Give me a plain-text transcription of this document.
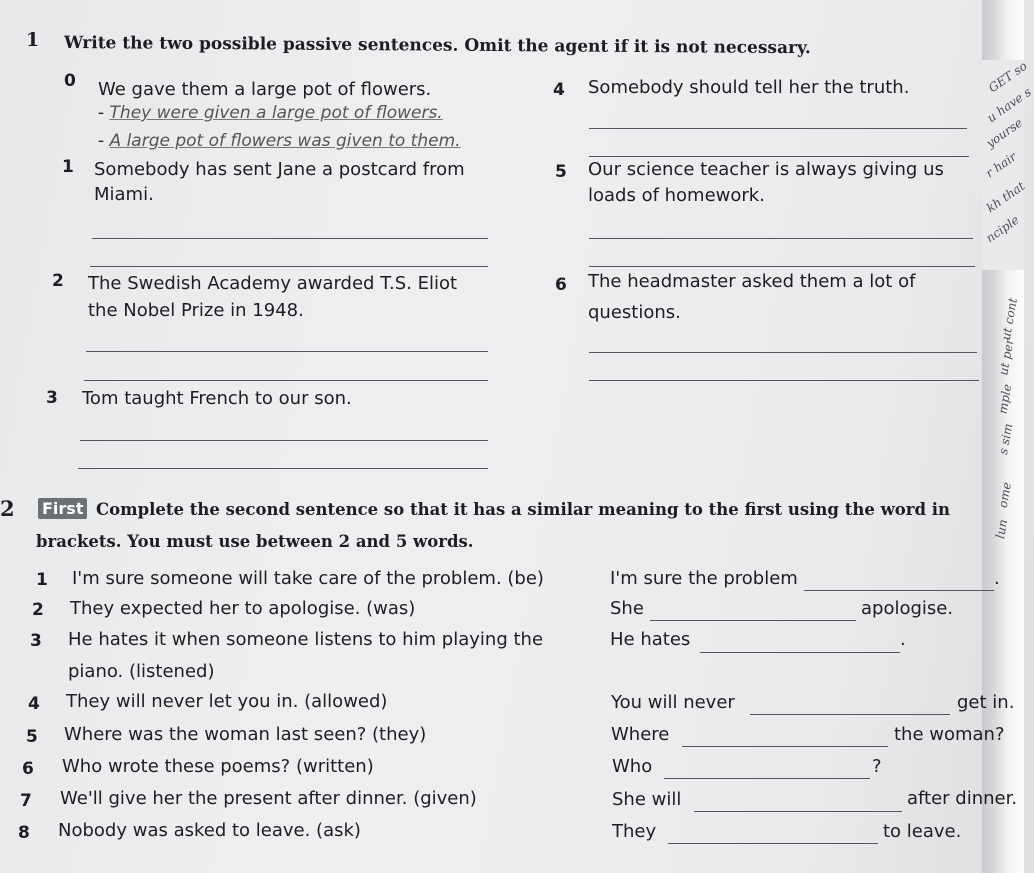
GET so
u have s
yourse
r hair
kh that
nciple
ut cont
ut per
mple
s sim
ome
lun
1 Write the two possible passive sentences. Omit the agent if it is not necessary.
0 We gave them a large pot of flowers.
- They were given a large pot of flowers.
- A large pot of flowers was given to them.
1 Somebody has sent Jane a postcard from
Miami.
2 The Swedish Academy awarded T.S. Eliot
the Nobel Prize in 1948.
3 Tom taught French to our son.
4 Somebody should tell her the truth.
5 Our science teacher is always giving us
loads of homework.
6 The headmaster asked them a lot of
questions.
2 First Complete the second sentence so that it has a similar meaning to the first using the word in
brackets. You must use between 2 and 5 words.
1 I'm sure someone will take care of the problem. (be)	I'm sure the problem	.
2 They expected her to apologise. (was)	She	apologise.
3 He hates it when someone listens to him playing the
piano. (listened)
He hates	.
4 They will never let you in. (allowed)	You will never	get in.
5 Where was the woman last seen? (they)	Where	the woman?
6 Who wrote these poems? (written)	Who	?
7 We'll give her the present after dinner. (given)	She will	after dinner.
8 Nobody was asked to leave. (ask)	They	to leave.
